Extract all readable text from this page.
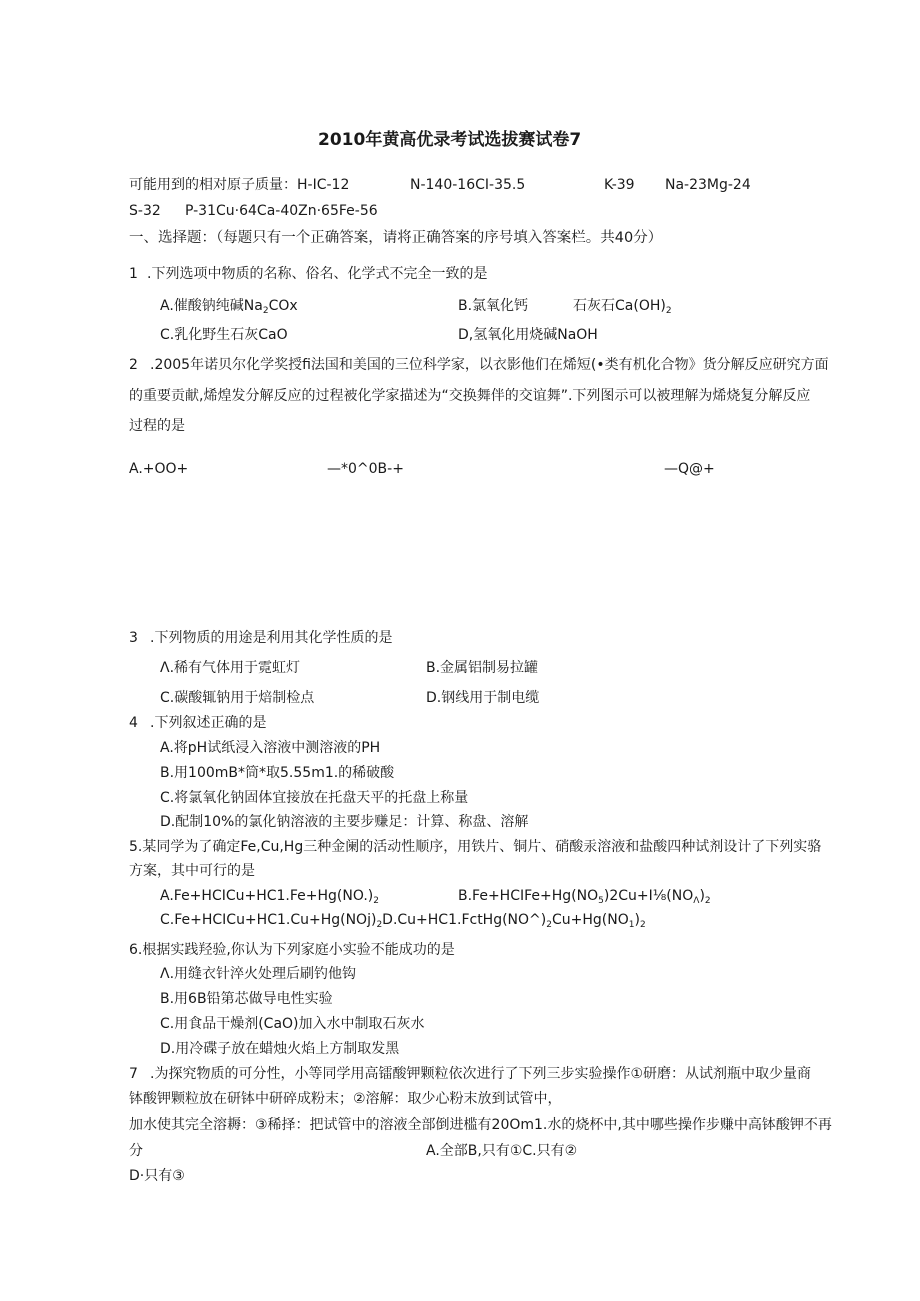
2010年黄高优录考试选拔赛试卷7
可能用到的相对原子质量：H-IC-12	N-140-16CI-35.5	K-39 Na-23Mg-24
S-32 P-31Cu·64Ca-40Zn·65Fe-56
一、选择题：（每题只有一个正确答案，请将正确答案的序号填入答案栏。共40分）
1 .下列选项中物质的名称、俗名、化学式不完全一致的是
A.催酸钠纯碱$Na_2COx$	B.氯氧化钙	石灰石$Ca(OH)_2$
C.乳化野生石灰CaO	D,氢氧化用烧碱NaOH
2 .2005年诺贝尔化学奖授fi法国和美国的三位科学家，以衣影他们在烯短(•类有机化合物》货分解反应研究方面
的重要贡献,烯煌发分解反应的过程被化学家描述为“交换舞伴的交谊舞”.下列图示可以被理解为烯烧复分解反应
过程的是
A.+OO+	—*0^0B-+	—Q@+
3 .下列物质的用途是利用其化学性质的是
Λ.稀有气体用于霓虹灯	B.金属铝制易拉罐
C.碳酸辄钠用于焙制检点	D.钢线用于制电缆
4 .下列叙述正确的是
A.将pH试纸浸入溶液中测溶液的PH
B.用100mB*筒*取5.55m1.的稀破酸
C.将氯氧化钠固体宜接放在托盘天平的托盘上称量
D.配制10%的氯化钠溶液的主要步赚足：计算、称盘、溶解
5.某同学为了确定Fe,Cu,Hg三种金阑的活动性顺序，用铁片、铜片、硝酸汞溶液和盐酸四种试剂设计了下列实骆
方案，其中可行的是
$A.Fe+HCICu+HC1.Fe+Hg(NO.)_2$	$B.Fe+HCIFe+Hg(NO_5)2Cu+I\frac{1}{8}(NO_\Lambda)_2$
$C.Fe+HCICu+HC1.Cu+Hg(NOj)_2D.Cu+HC1.FctHg(NO\^{})_2Cu+Hg(NO_1)_2$
6.根据实践羟验,你认为下列家庭小实验不能成功的是
Λ.用缝衣针淬火处理后刷钓他钩
B.用6B铅第芯做导电性实验
C.用食品干燥剂(CaO)加入水中制取石灰水
D.用冷碟子放在蜡烛火焰上方制取发黑
7 .为探究物质的可分性，小等同学用高镭酸钾颗粒依次进行了下列三步实验操作①研磨：从试剂瓶中取少量商
钵酸钾颗粒放在研钵中研碎成粉末；②溶解：取少心粉末放到试管中，
加水使其完全溶耨：③稀择：把试管中的溶液全部倒进槛有20Om1.水的烧杯中,其中哪些操作步赚中高钵酸钾不再
分	A.全部B,只有①C.只有②
D·只有③
